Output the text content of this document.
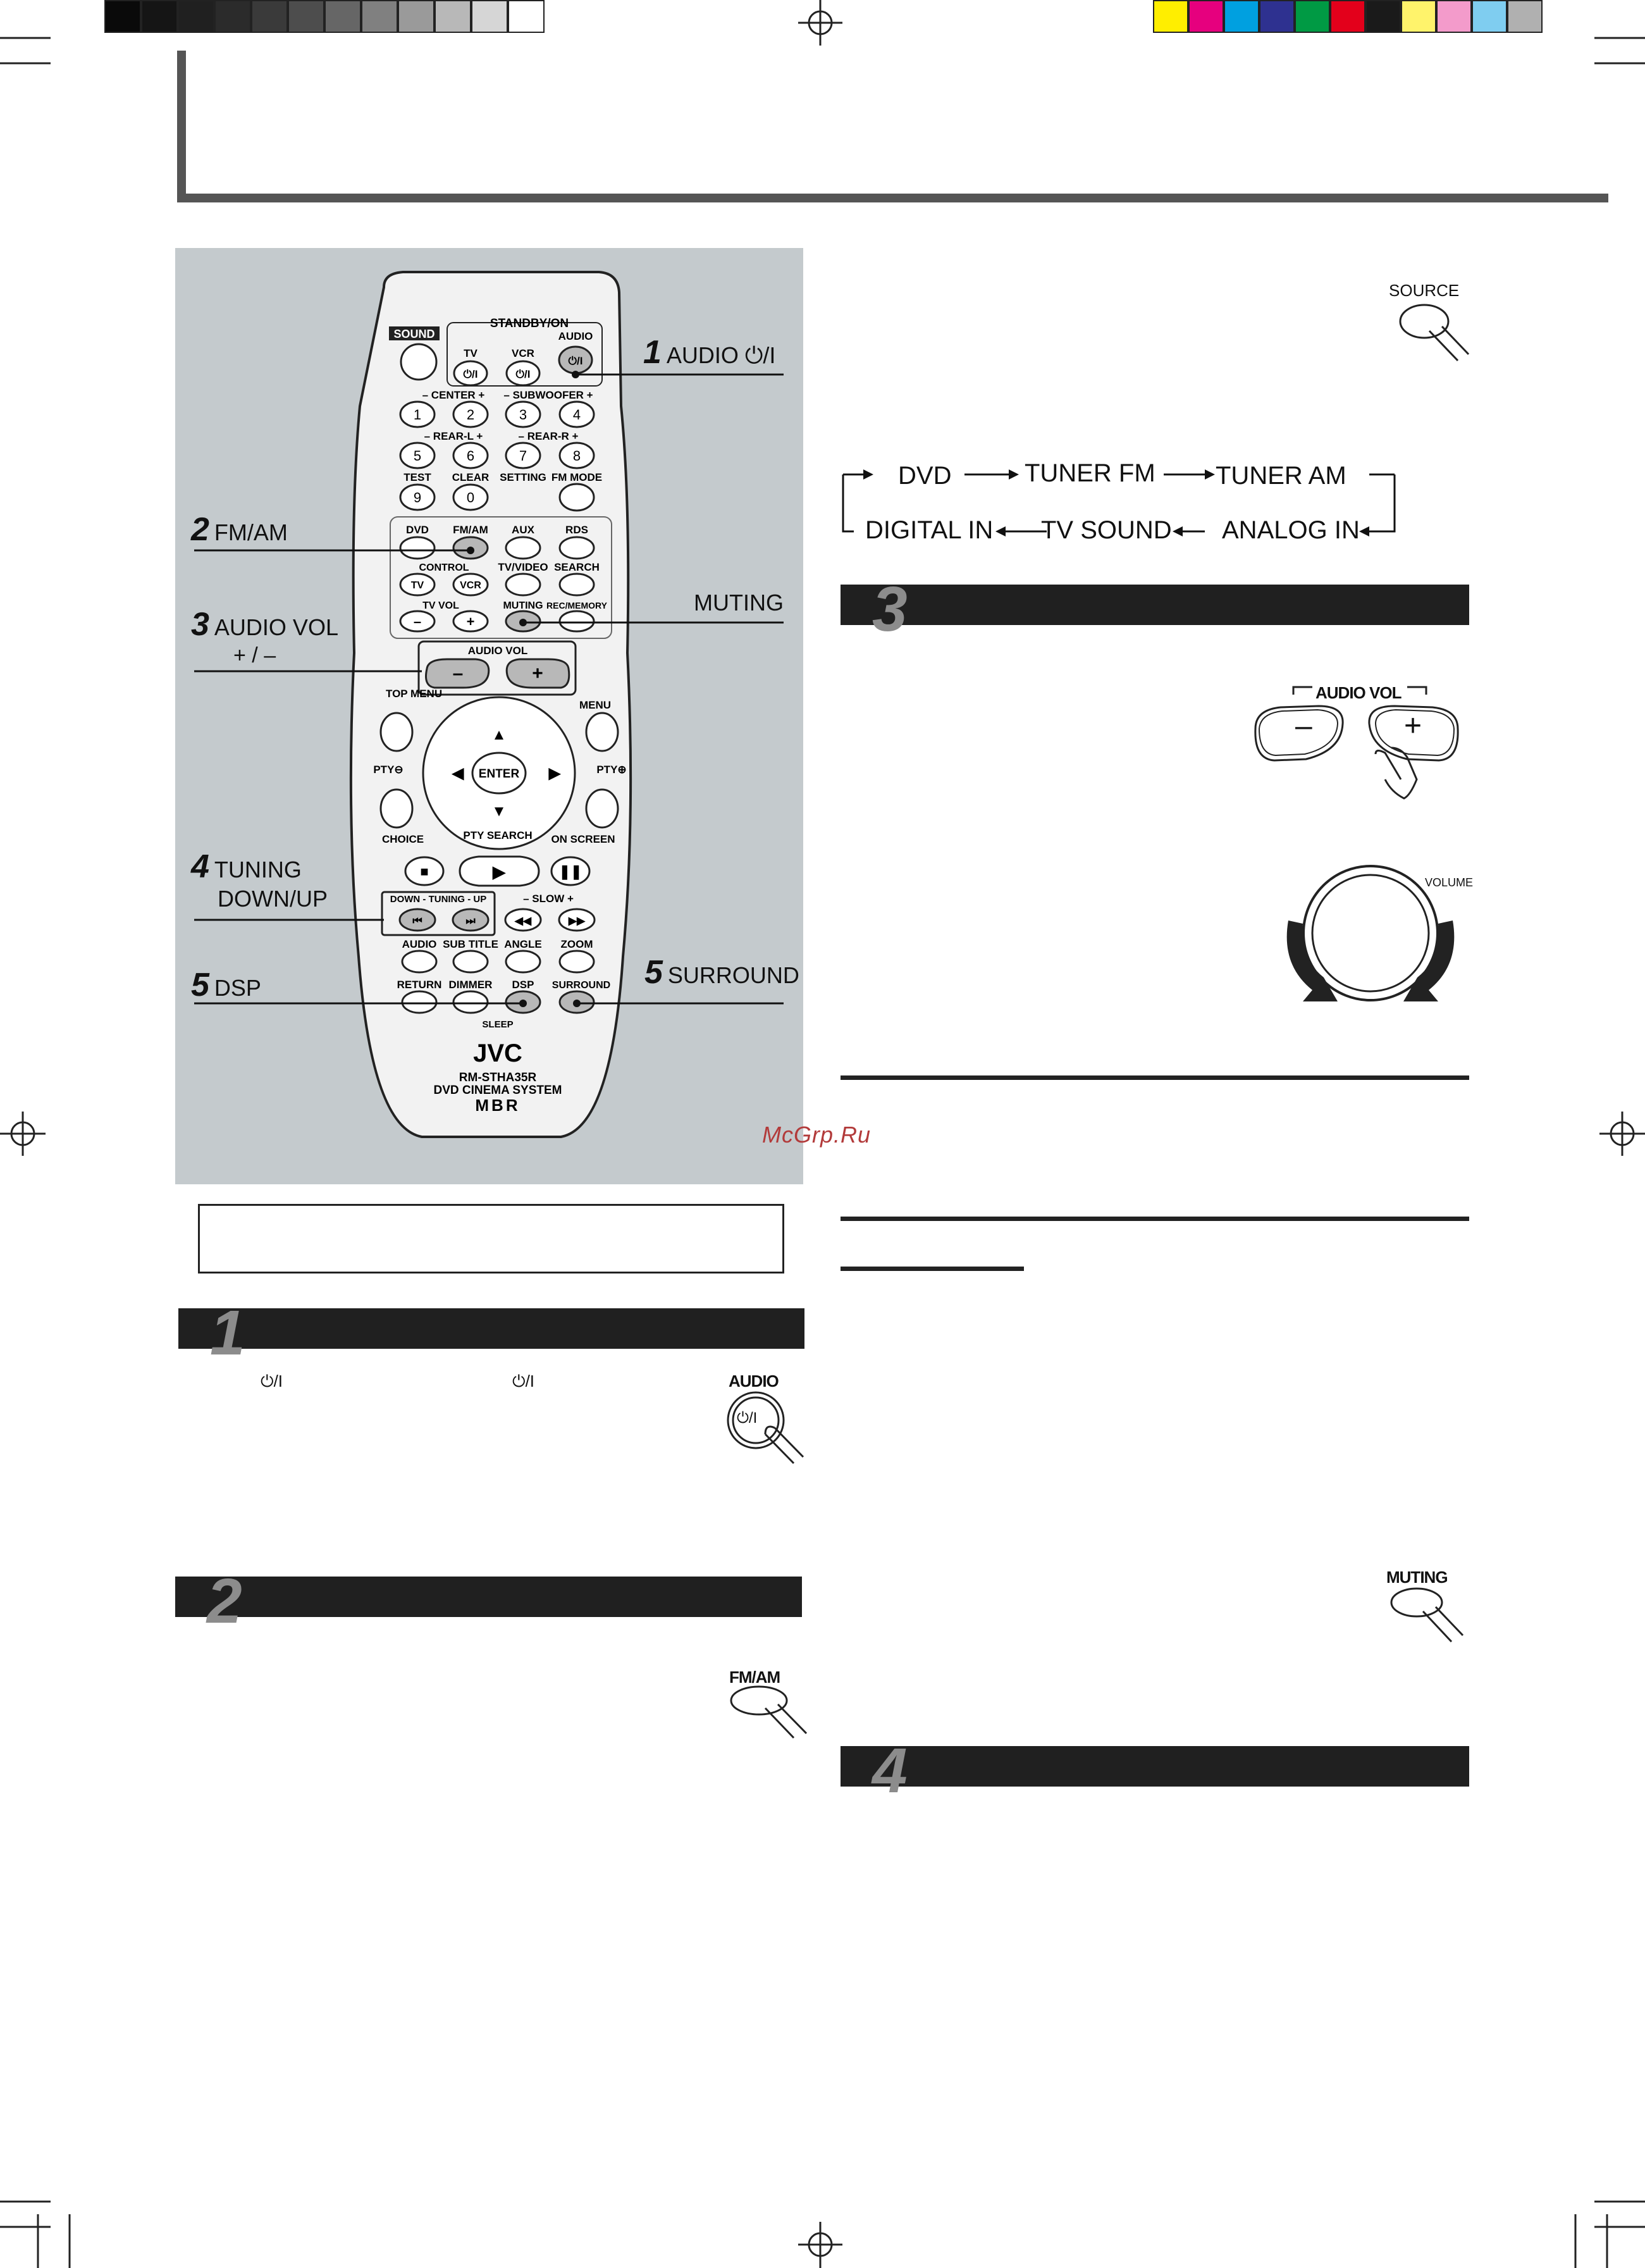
STANDBY/ON
SOUND
TV	VCR
AUDIO
⏻/I	⏻/I
⏻/I
– CENTER + – SUBWOOFER +
– REAR-L +	– REAR-R +
TEST CLEAR SETTING FM MODE
1	2	3	4
5	6	7	8
9	0
DVD FM/AM AUX	RDS
CONTROL	TV/VIDEO SEARCH
TV	VCR
TV VOL	MUTING REC/MEMORY
–	+
AUDIO VOL
–	+
TOP MENU
MENU
ENTER
▲
▼
◀	▶
PTY⊖	PTY⊕
CHOICE	PTY SEARCH ON SCREEN
■	▶	❚❚
DOWN - TUNING - UP	– SLOW +
⏮	⏭	◀◀	▶▶
AUDIO SUB TITLE ANGLE ZOOM
RETURN DIMMER DSP SURROUND
SLEEP
JVC
RM-STHA35R
DVD CINEMA SYSTEM
MBR
1 AUDIO ⏻/I
2 FM/AM
MUTING
3 AUDIO VOL
+ / –
4 TUNING
DOWN/UP
5 DSP	5 SURROUND
1
⏻/I	⏻/I	AUDIO
⏻/I
2
FM/AM
SOURCE
DVD	TUNER FM TUNER AM
DIGITAL IN TV SOUND ANALOG IN
3
AUDIO VOL
–	+
VOLUME
McGrp.Ru
MUTING
4
